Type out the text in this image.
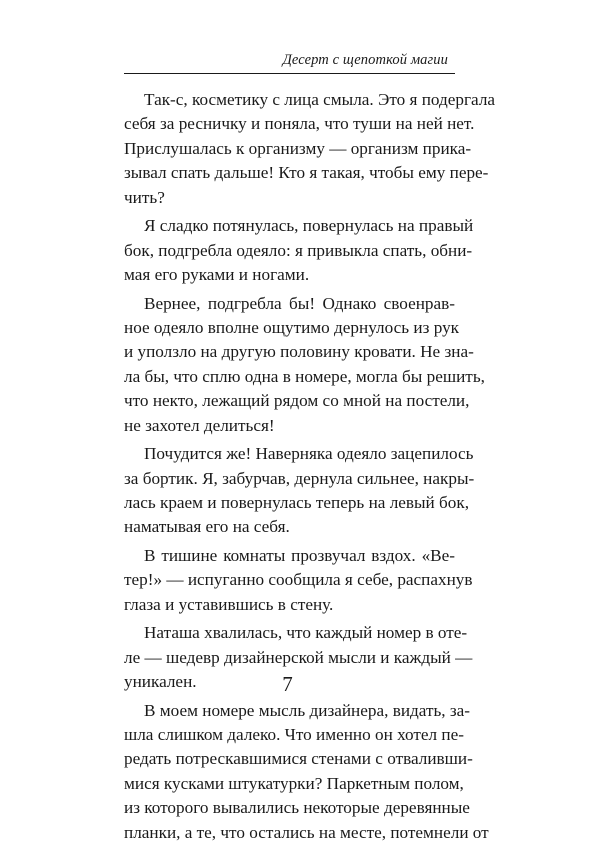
Десерт с щепоткой магии
Так-с, косметику с лица смыла. Это я подергала
себя за ресничку и поняла, что туши на ней нет.
Прислушалась к организму — организм прика-
зывал спать дальше! Кто я такая, чтобы ему пере-
чить?
Я сладко потянулась, повернулась на правый
бок, подгребла одеяло: я привыкла спать, обни-
мая его руками и ногами.
Вернее, подгребла бы! Однако своенрав-
ное одеяло вполне ощутимо дернулось из рук
и уползло на другую половину кровати. Не зна-
ла бы, что сплю одна в номере, могла бы решить,
что некто, лежащий рядом со мной на постели,
не захотел делиться!
Почудится же! Наверняка одеяло зацепилось
за бортик. Я, забурчав, дернула сильнее, накры-
лась краем и повернулась теперь на левый бок,
наматывая его на себя.
В тишине комнаты прозвучал вздох. «Ве-
тер!» — испуганно сообщила я себе, распахнув
глаза и уставившись в стену.
Наташа хвалилась, что каждый номер в оте-
ле — шедевр дизайнерской мысли и каждый —
уникален.
В моем номере мысль дизайнера, видать, за-
шла слишком далеко. Что именно он хотел пе-
редать потрескавшимися стенами с отваливши-
мися кусками штукатурки? Паркетным полом,
из которого вывалились некоторые деревянные
планки, а те, что остались на месте, потемнели от
7
